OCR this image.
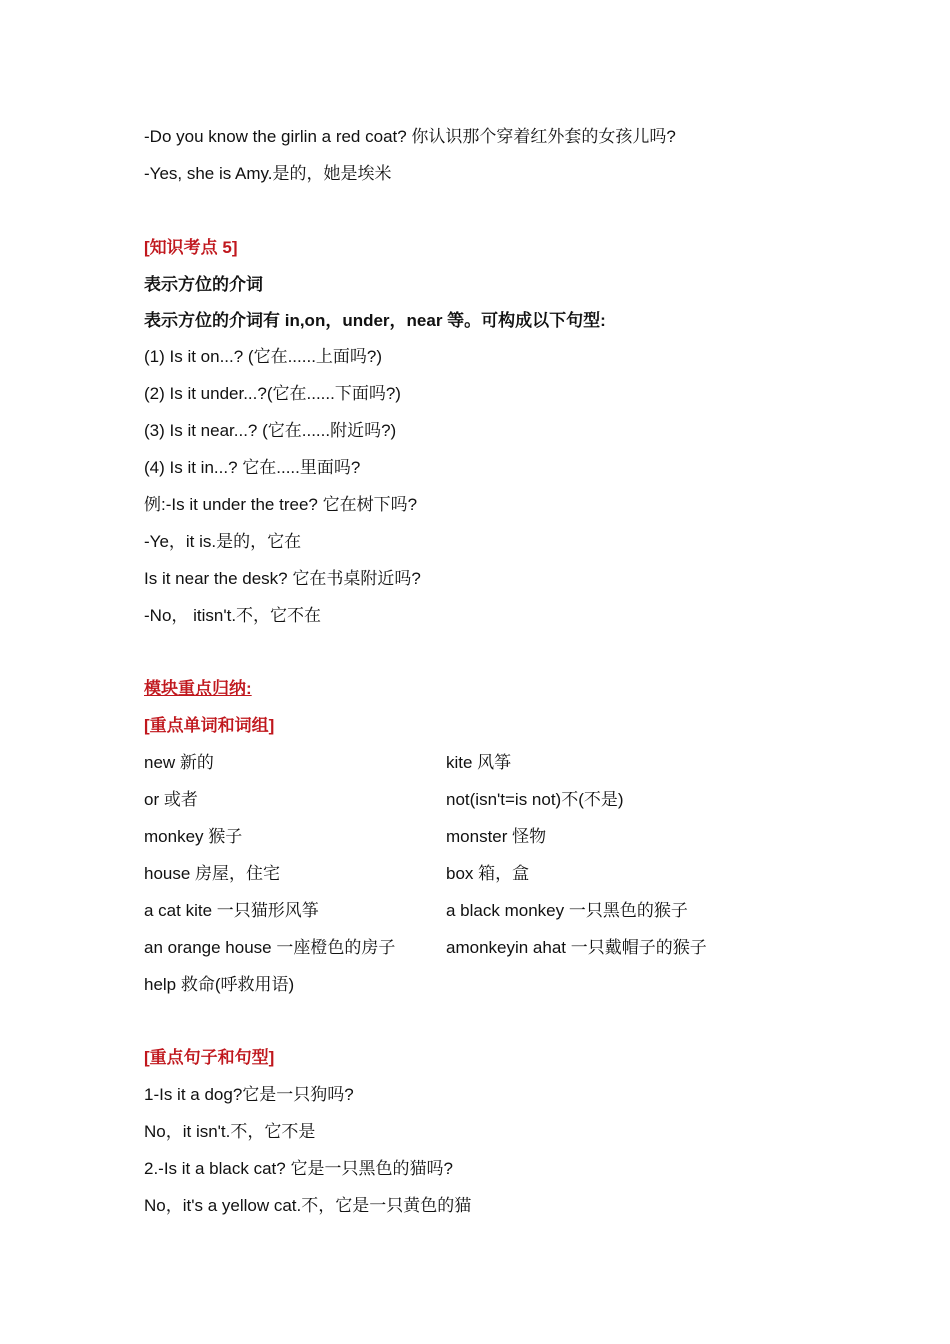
-Do you know the girlin a red coat? 你认识那个穿着红外套的女孩儿吗?
-Yes, she is Amy.是的，她是埃米
[知识考点 5]
表示方位的介词
表示方位的介词有 in,on，under，near 等。可构成以下句型:
(1) Is it on...? (它在......上面吗?)
(2) Is it under...?(它在......下面吗?)
(3) Is it near...? (它在......附近吗?)
(4) Is it in...? 它在.....里面吗?
例:-Is it under the tree? 它在树下吗?
-Ye，it is.是的，它在
Is it near the desk? 它在书桌附近吗?
-No， itisn't.不，它不在
模块重点归纳:
[重点单词和词组]
new 新的	kite 风筝
or 或者	not(isn't=is not)不(不是)
monkey 猴子	monster 怪物
house 房屋，住宅	box 箱，盒
a cat kite 一只猫形风筝	a black monkey 一只黑色的猴子
an orange house 一座橙色的房子	amonkeyin ahat 一只戴帽子的猴子
help 救命(呼救用语)
[重点句子和句型]
1-Is it a dog?它是一只狗吗?
No，it isn't.不，它不是
2.-Is it a black cat? 它是一只黑色的猫吗?
No，it's a yellow cat.不，它是一只黄色的猫
